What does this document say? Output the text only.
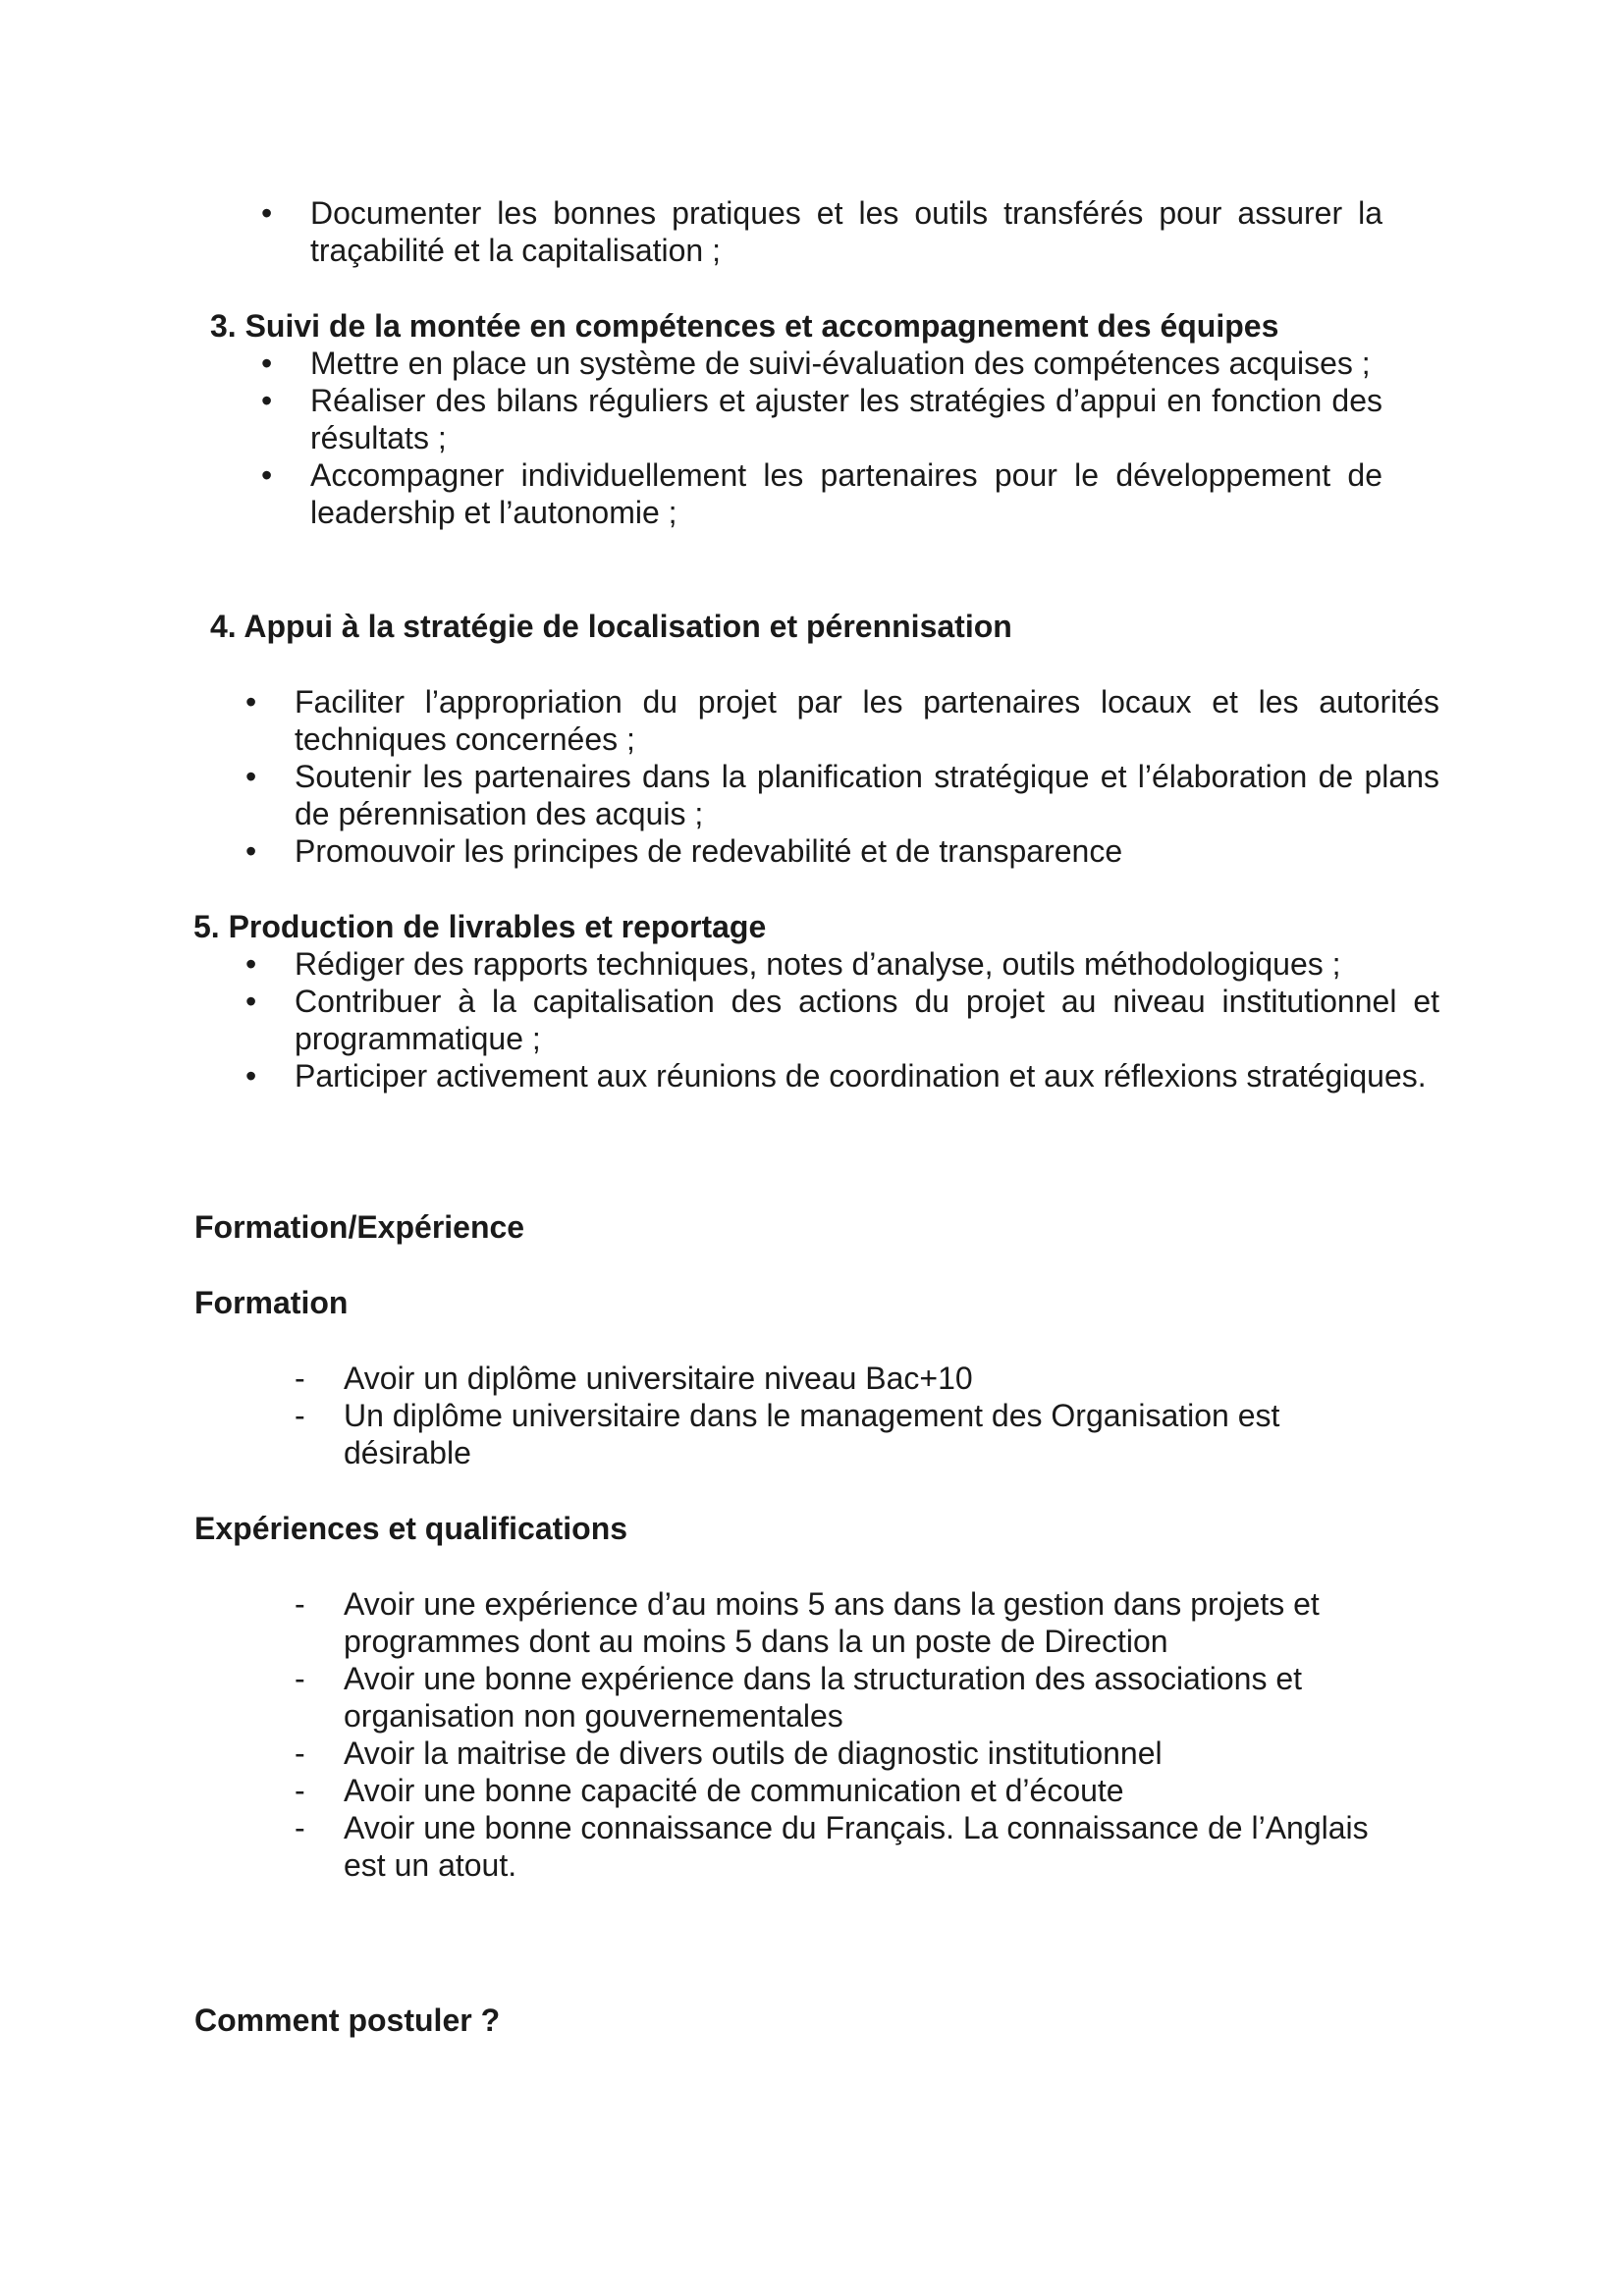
• Documenter les bonnes pratiques et les outils transférés pour assurer la traçabilité et la capitalisation ;
3. Suivi de la montée en compétences et accompagnement des équipes
• Mettre en place un système de suivi-évaluation des compétences acquises ;
• Réaliser des bilans réguliers et ajuster les stratégies d’appui en fonction des résultats ;
• Accompagner individuellement les partenaires pour le développement de leadership et l’autonomie ;
4. Appui à la stratégie de localisation et pérennisation
• Faciliter l’appropriation du projet par les partenaires locaux et les autorités techniques concernées ;
• Soutenir les partenaires dans la planification stratégique et l’élaboration de plans de pérennisation des acquis ;
• Promouvoir les principes de redevabilité et de transparence
5. Production de livrables et reportage
• Rédiger des rapports techniques, notes d’analyse, outils méthodologiques ;
• Contribuer à la capitalisation des actions du projet au niveau institutionnel et programmatique ;
• Participer activement aux réunions de coordination et aux réflexions stratégiques.
Formation/Expérience
Formation
- Avoir un diplôme universitaire niveau Bac+10
- Un diplôme universitaire dans le management des Organisation est désirable
Expériences et qualifications
- Avoir une expérience d’au moins 5 ans dans la gestion dans projets et programmes dont au moins 5 dans la un poste de Direction
- Avoir une bonne expérience dans la structuration des associations et organisation non gouvernementales
- Avoir la maitrise de divers outils de diagnostic institutionnel
- Avoir une bonne capacité de communication et d’écoute
- Avoir une bonne connaissance du Français. La connaissance de l’Anglais est un atout.
Comment postuler ?
